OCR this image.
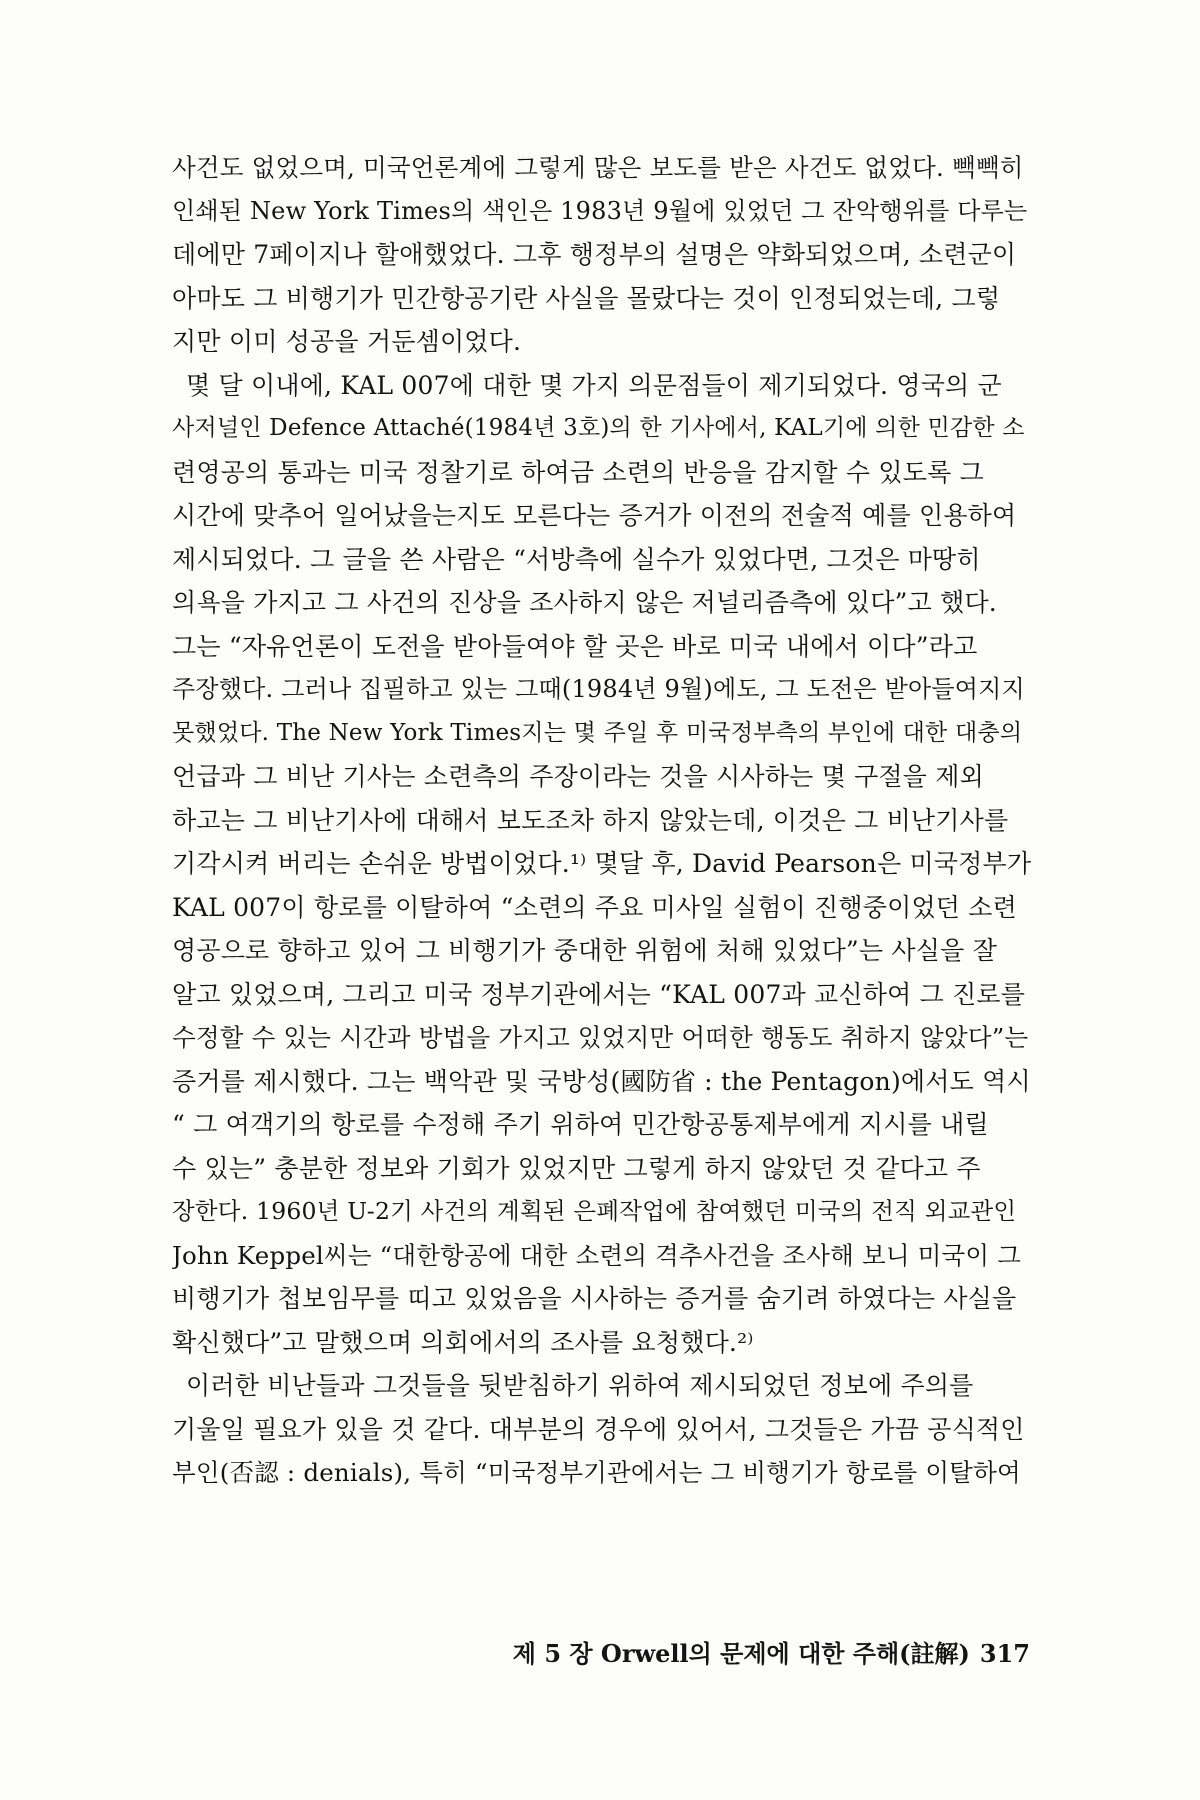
사건도 없었으며, 미국언론계에 그렇게 많은 보도를 받은 사건도 없었다. 빽빽히
인쇄된 New York Times의 색인은 1983년 9월에 있었던 그 잔악행위를 다루는
데에만 7페이지나 할애했었다. 그후 행정부의 설명은 약화되었으며, 소련군이
아마도 그 비행기가 민간항공기란 사실을 몰랐다는 것이 인정되었는데, 그렇
지만 이미 성공을 거둔셈이었다.
몇 달 이내에, KAL 007에 대한 몇 가지 의문점들이 제기되었다. 영국의 군
사저널인 Defence Attaché(1984년 3호)의 한 기사에서, KAL기에 의한 민감한 소
련영공의 통과는 미국 정찰기로 하여금 소련의 반응을 감지할 수 있도록 그
시간에 맞추어 일어났을는지도 모른다는 증거가 이전의 전술적 예를 인용하여
제시되었다. 그 글을 쓴 사람은 “서방측에 실수가 있었다면, 그것은 마땅히
의욕을 가지고 그 사건의 진상을 조사하지 않은 저널리즘측에 있다”고 했다.
그는 “자유언론이 도전을 받아들여야 할 곳은 바로 미국 내에서 이다”라고
주장했다. 그러나 집필하고 있는 그때(1984년 9월)에도, 그 도전은 받아들여지지
못했었다. The New York Times지는 몇 주일 후 미국정부측의 부인에 대한 대충의
언급과 그 비난 기사는 소련측의 주장이라는 것을 시사하는 몇 구절을 제외
하고는 그 비난기사에 대해서 보도조차 하지 않았는데, 이것은 그 비난기사를
기각시켜 버리는 손쉬운 방법이었다.¹⁾ 몇달 후, David Pearson은 미국정부가
KAL 007이 항로를 이탈하여 “소련의 주요 미사일 실험이 진행중이었던 소련
영공으로 향하고 있어 그 비행기가 중대한 위험에 처해 있었다”는 사실을 잘
알고 있었으며, 그리고 미국 정부기관에서는 “KAL 007과 교신하여 그 진로를
수정할 수 있는 시간과 방법을 가지고 있었지만 어떠한 행동도 취하지 않았다”는
증거를 제시했다. 그는 백악관 및 국방성(國防省 : the Pentagon)에서도 역시
“ 그 여객기의 항로를 수정해 주기 위하여 민간항공통제부에게 지시를 내릴
수 있는” 충분한 정보와 기회가 있었지만 그렇게 하지 않았던 것 같다고 주
장한다. 1960년 U-2기 사건의 계획된 은폐작업에 참여했던 미국의 전직 외교관인
John Keppel씨는 “대한항공에 대한 소련의 격추사건을 조사해 보니 미국이 그
비행기가 첩보임무를 띠고 있었음을 시사하는 증거를 숨기려 하였다는 사실을
확신했다”고 말했으며 의회에서의 조사를 요청했다.²⁾
이러한 비난들과 그것들을 뒷받침하기 위하여 제시되었던 정보에 주의를
기울일 필요가 있을 것 같다. 대부분의 경우에 있어서, 그것들은 가끔 공식적인
부인(否認 : denials), 특히 “미국정부기관에서는 그 비행기가 항로를 이탈하여
제 5 장 Orwell의 문제에 대한 주해(註解) 317
